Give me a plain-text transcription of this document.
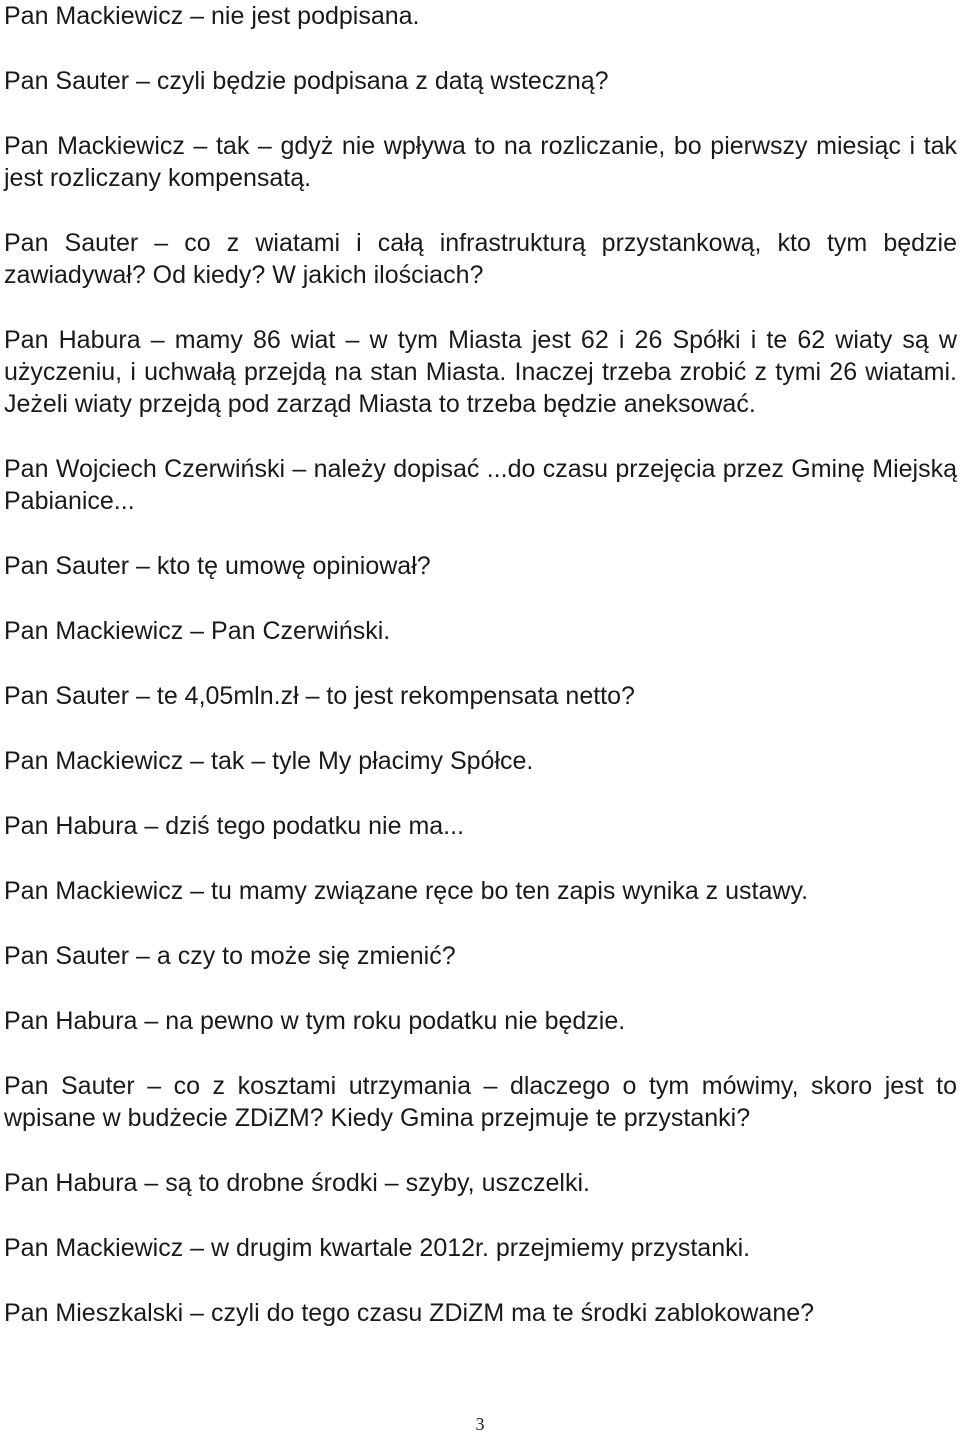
Pan Mackiewicz – nie jest podpisana.

Pan Sauter – czyli będzie podpisana z datą wsteczną?

Pan Mackiewicz – tak – gdyż nie wpływa to na rozliczanie, bo pierwszy miesiąc i tak jest rozliczany kompensatą.

Pan Sauter – co z wiatami i całą infrastrukturą przystankową, kto tym będzie zawiadywał? Od kiedy? W jakich ilościach?

Pan Habura – mamy 86 wiat – w tym Miasta jest 62 i 26 Spółki i te 62 wiaty są w użyczeniu, i uchwałą przejdą na stan Miasta. Inaczej trzeba zrobić z tymi 26 wiatami. Jeżeli wiaty przejdą pod zarząd Miasta to trzeba będzie aneksować.

Pan Wojciech Czerwiński – należy dopisać ...do czasu przejęcia przez Gminę Miejską Pabianice...

Pan Sauter – kto tę umowę opiniował?

Pan Mackiewicz – Pan Czerwiński.

Pan Sauter – te 4,05mln.zł – to jest rekompensata netto?

Pan Mackiewicz – tak – tyle My płacimy Spółce.

Pan Habura – dziś tego podatku nie ma...

Pan Mackiewicz – tu mamy związane ręce bo ten zapis wynika z ustawy.

Pan Sauter – a czy to może się zmienić?

Pan Habura – na pewno w tym roku podatku nie będzie.

Pan Sauter – co z kosztami utrzymania – dlaczego o tym mówimy, skoro jest to wpisane w budżecie ZDiZM? Kiedy Gmina przejmuje te przystanki?

Pan Habura – są to drobne środki – szyby, uszczelki.

Pan Mackiewicz – w drugim kwartale 2012r. przejmiemy przystanki.

Pan Mieszkalski – czyli do tego czasu ZDiZM ma te środki zablokowane?

3
